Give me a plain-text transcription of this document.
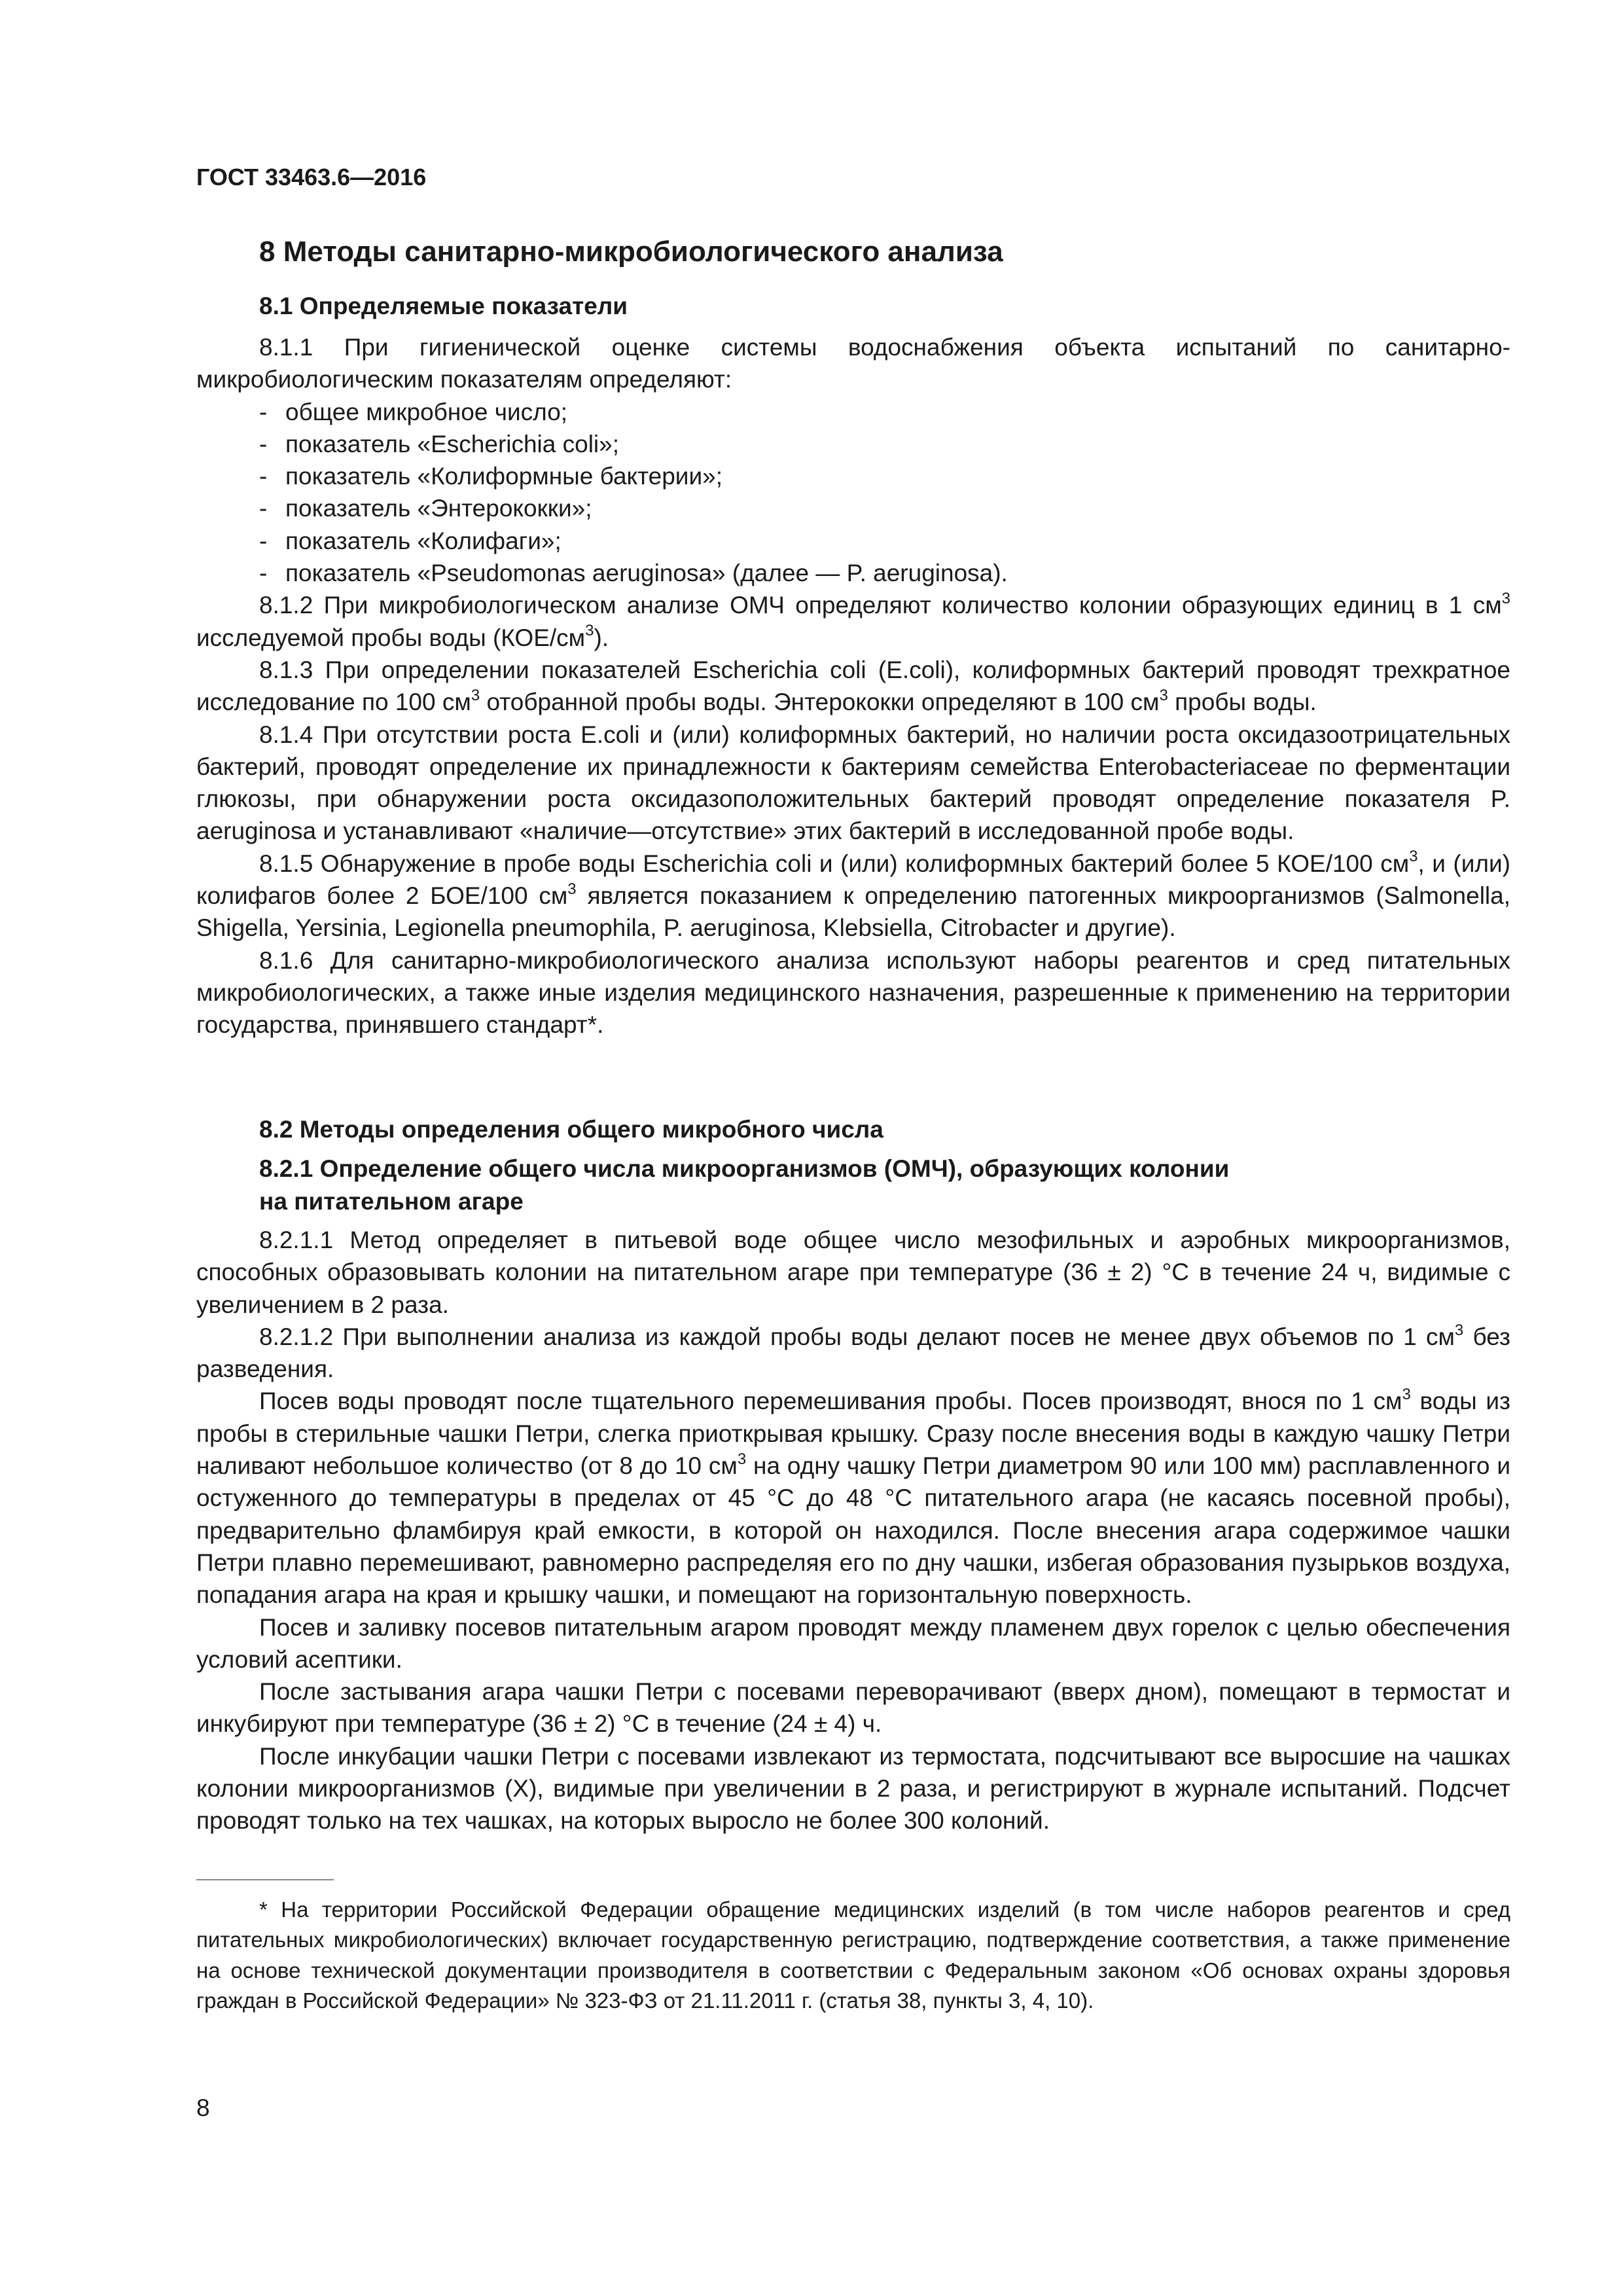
ГОСТ 33463.6—2016
8 Методы санитарно-микробиологического анализа
8.1 Определяемые показатели

8.1.1 При гигиенической оценке системы водоснабжения объекта испытаний по санитарно-микробиологическим показателям определяют:

- общее микробное число;

- показатель «Escherichia coli»;

- показатель «Колиформные бактерии»;

- показатель «Энтерококки»;

- показатель «Колифаги»;

- показатель «Pseudomonas aeruginosa» (далее — P. aeruginosa).

8.1.2 При микробиологическом анализе ОМЧ определяют количество колонии образующих единиц в 1 $см^3$ исследуемой пробы воды $(КОЕ/см^3)$.

8.1.3 При определении показателей Escherichia coli (E.coli), колиформных бактерий проводят трехкратное исследование по 100 $см^3$ отобранной пробы воды. Энтерококки определяют в 100 $см^3$ пробы воды.

8.1.4 При отсутствии роста E.coli и (или) колиформных бактерий, но наличии роста оксидазоотрицательных бактерий, проводят определение их принадлежности к бактериям семейства Enterobacteriaceae по ферментации глюкозы, при обнаружении роста оксидазоположительных бактерий проводят определение показателя P. aeruginosa и устанавливают «наличие—отсутствие» этих бактерий в исследованной пробе воды.

8.1.5 Обнаружение в пробе воды Escherichia coli и (или) колиформных бактерий более 5 КОЕ/100 $см^3$, и (или) колифагов более 2 БОЕ/100 $см^3$ является показанием к определению патогенных микроорганизмов (Salmonella, Shigella, Yersinia, Legionella pneumophila, P. aeruginosa, Klebsiella, Citrobacter и другие).

8.1.6 Для санитарно-микробиологического анализа используют наборы реагентов и сред питательных микробиологических, а также иные изделия медицинского назначения, разрешенные к применению на территории государства, принявшего стандарт*.

8.2 Методы определения общего микробного числа
8.2.1 Определение общего числа микроорганизмов (ОМЧ), образующих колонии
на питательном агаре

8.2.1.1 Метод определяет в питьевой воде общее число мезофильных и аэробных микроорганизмов, способных образовывать колонии на питательном агаре при температуре (36 ± 2) °С в течение 24 ч, видимые с увеличением в 2 раза.

8.2.1.2 При выполнении анализа из каждой пробы воды делают посев не менее двух объемов по 1 $см^3$ без разведения.

Посев воды проводят после тщательного перемешивания пробы. Посев производят, внося по 1 $см^3$ воды из пробы в стерильные чашки Петри, слегка приоткрывая крышку. Сразу после внесения воды в каждую чашку Петри наливают небольшое количество (от 8 до 10 $см^3$ на одну чашку Петри диаметром 90 или 100 мм) расплавленного и остуженного до температуры в пределах от 45 °С до 48 °С питательного агара (не касаясь посевной пробы), предварительно фламбируя край емкости, в которой он находился. После внесения агара содержимое чашки Петри плавно перемешивают, равномерно распределяя его по дну чашки, избегая образования пузырьков воздуха, попадания агара на края и крышку чашки, и помещают на горизонтальную поверхность.

Посев и заливку посевов питательным агаром проводят между пламенем двух горелок с целью обеспечения условий асептики.

После застывания агара чашки Петри с посевами переворачивают (вверх дном), помещают в термостат и инкубируют при температуре (36 ± 2) °С в течение (24 ± 4) ч.

После инкубации чашки Петри с посевами извлекают из термостата, подсчитывают все выросшие на чашках колонии микроорганизмов (X), видимые при увеличении в 2 раза, и регистрируют в журнале испытаний. Подсчет проводят только на тех чашках, на которых выросло не более 300 колоний.

* На территории Российской Федерации обращение медицинских изделий (в том числе наборов реагентов и сред питательных микробиологических) включает государственную регистрацию, подтверждение соответствия, а также применение на основе технической документации производителя в соответствии с Федеральным законом «Об основах охраны здоровья граждан в Российской Федерации» № 323-ФЗ от 21.11.2011 г. (статья 38, пункты 3, 4, 10).

8
